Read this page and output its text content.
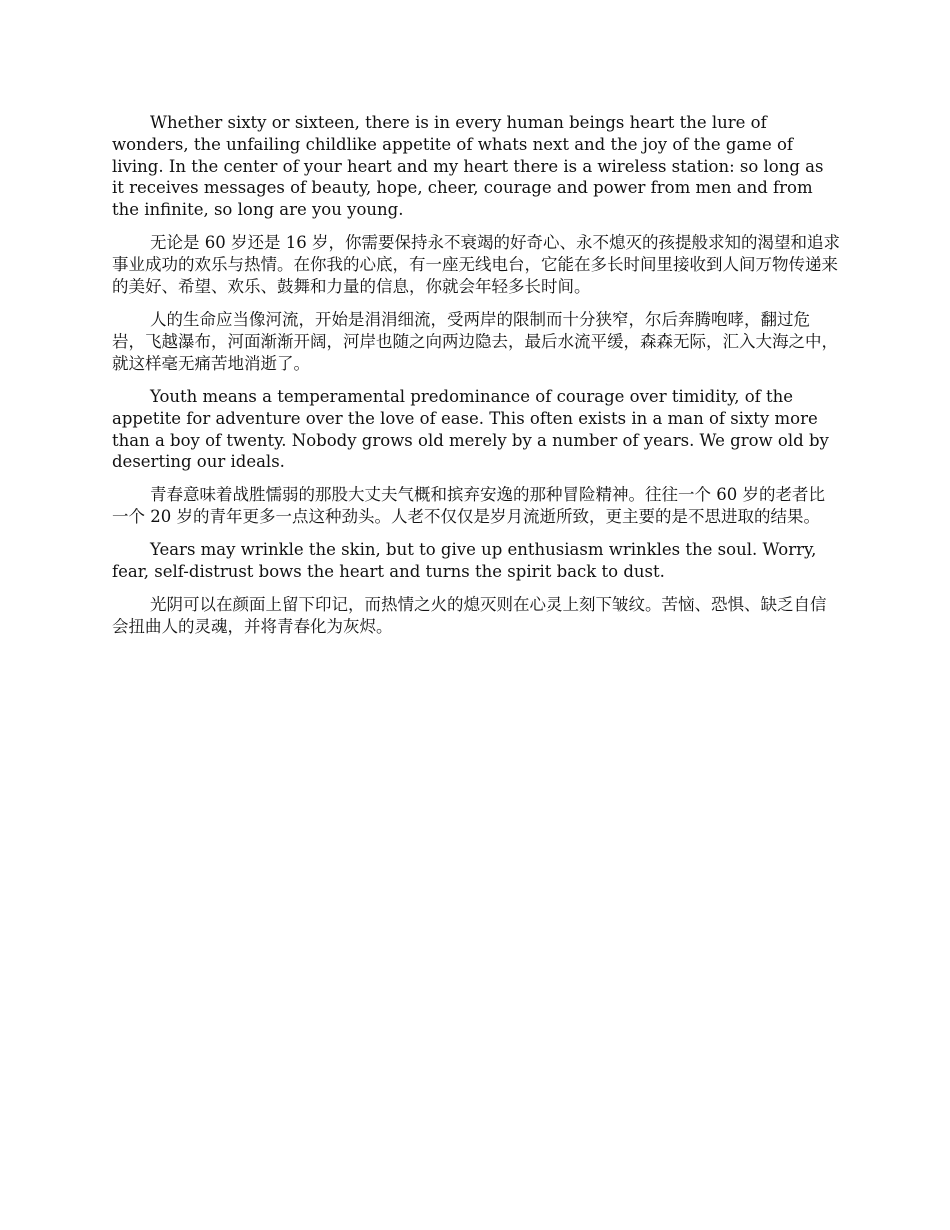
Whether sixty or sixteen, there is in every human beings heart the lure of wonders, the unfailing childlike appetite of whats next and the joy of the game of living. In the center of your heart and my heart there is a wireless station: so long as it receives messages of beauty, hope, cheer, courage and power from men and from the infinite, so long are you young.

无论是 60 岁还是 16 岁，你需要保持永不衰竭的好奇心、永不熄灭的孩提般求知的渴望和追求事业成功的欢乐与热情。在你我的心底，有一座无线电台，它能在多长时间里接收到人间万物传递来的美好、希望、欢乐、鼓舞和力量的信息，你就会年轻多长时间。

人的生命应当像河流，开始是涓涓细流，受两岸的限制而十分狭窄，尔后奔腾咆哮，翻过危岩，飞越瀑布，河面渐渐开阔，河岸也随之向两边隐去，最后水流平缓，森森无际，汇入大海之中，就这样毫无痛苦地消逝了。

Youth means a temperamental predominance of courage over timidity, of the appetite for adventure over the love of ease. This often exists in a man of sixty more than a boy of twenty. Nobody grows old merely by a number of years. We grow old by deserting our ideals.

青春意味着战胜懦弱的那股大丈夫气概和摈弃安逸的那种冒险精神。往往一个 60 岁的老者比一个 20 岁的青年更多一点这种劲头。人老不仅仅是岁月流逝所致，更主要的是不思进取的结果。

Years may wrinkle the skin, but to give up enthusiasm wrinkles the soul. Worry, fear, self-distrust bows the heart and turns the spirit back to dust.

光阴可以在颜面上留下印记，而热情之火的熄灭则在心灵上刻下皱纹。苦恼、恐惧、缺乏自信会扭曲人的灵魂，并将青春化为灰烬。
